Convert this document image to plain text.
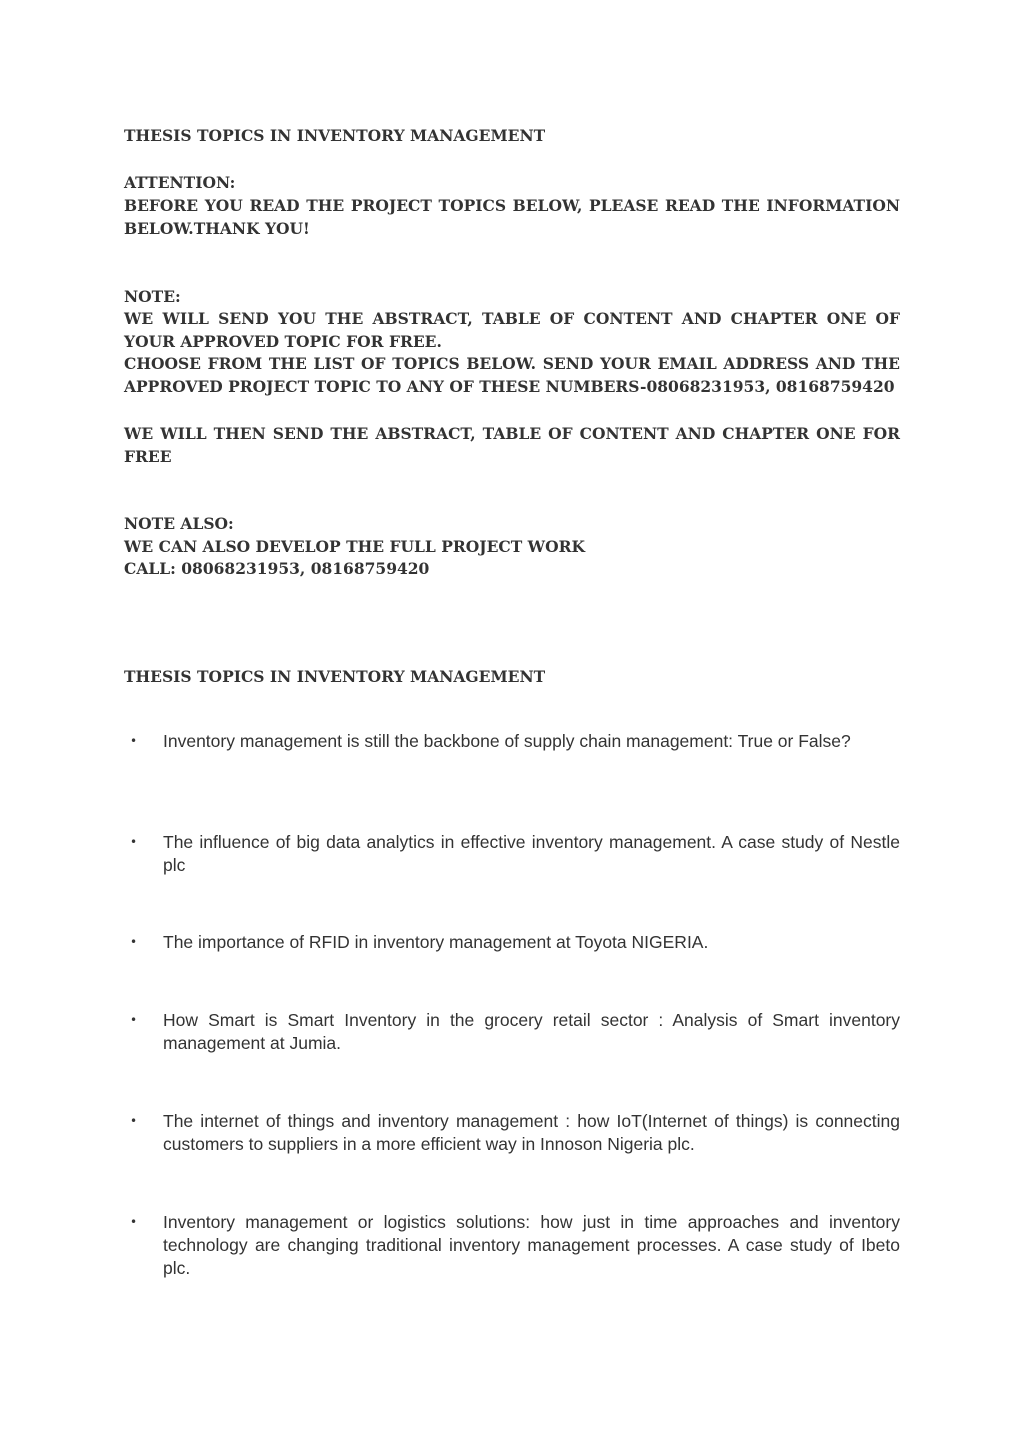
THESIS TOPICS IN INVENTORY MANAGEMENT

ATTENTION:

BEFORE YOU READ THE PROJECT TOPICS BELOW, PLEASE READ THE INFORMATION BELOW.THANK YOU!

NOTE:

WE WILL SEND YOU THE ABSTRACT, TABLE OF CONTENT AND CHAPTER ONE OF YOUR APPROVED TOPIC FOR FREE.

CHOOSE FROM THE LIST OF TOPICS BELOW. SEND YOUR EMAIL ADDRESS AND THE APPROVED PROJECT TOPIC TO ANY OF THESE NUMBERS-08068231953, 08168759420

WE WILL THEN SEND THE ABSTRACT, TABLE OF CONTENT AND CHAPTER ONE FOR FREE

NOTE ALSO:

WE CAN ALSO DEVELOP THE FULL PROJECT WORK

CALL: 08068231953, 08168759420

THESIS TOPICS IN INVENTORY MANAGEMENT

• Inventory management is still the backbone of supply chain management: True or False?
• The influence of big data analytics in effective inventory management. A case study of Nestle plc
• The importance of RFID in inventory management at Toyota NIGERIA.
• How Smart is Smart Inventory in the grocery retail sector : Analysis of Smart inventory management at Jumia.
• The internet of things and inventory management : how IoT(Internet of things) is connecting customers to suppliers in a more efficient way in Innoson Nigeria plc.
• Inventory management or logistics solutions: how just in time approaches and inventory technology are changing traditional inventory management processes. A case study of Ibeto plc.
